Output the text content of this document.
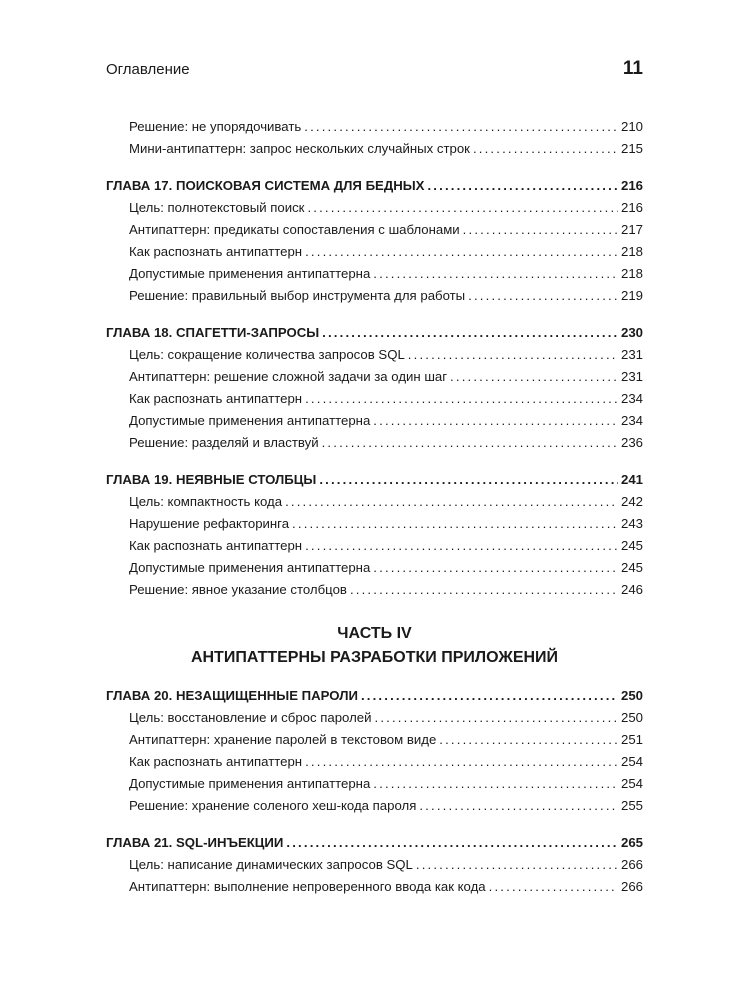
Оглавление	11
Решение: не упорядочивать . . .	210
Мини-антипаттерн: запрос нескольких случайных строк . . .	215
ГЛАВА 17. ПОИСКОВАЯ СИСТЕМА ДЛЯ БЕДНЫХ . . .	216
Цель: полнотекстовый поиск . . .	216
Антипаттерн: предикаты сопоставления с шаблонами . . .	217
Как распознать антипаттерн . . .	218
Допустимые применения антипаттерна . . .	218
Решение: правильный выбор инструмента для работы . . .	219
ГЛАВА 18. СПАГЕТТИ-ЗАПРОСЫ . . .	230
Цель: сокращение количества запросов SQL . . .	231
Антипаттерн: решение сложной задачи за один шаг . . .	231
Как распознать антипаттерн . . .	234
Допустимые применения антипаттерна . . .	234
Решение: разделяй и властвуй . . .	236
ГЛАВА 19. НЕЯВНЫЕ СТОЛБЦЫ . . .	241
Цель: компактность кода . . .	242
Нарушение рефакторинга . . .	243
Как распознать антипаттерн . . .	245
Допустимые применения антипаттерна . . .	245
Решение: явное указание столбцов . . .	246
ЧАСТЬ IV
АНТИПАТТЕРНЫ РАЗРАБОТКИ ПРИЛОЖЕНИЙ
ГЛАВА 20. НЕЗАЩИЩЕННЫЕ ПАРОЛИ . . .	250
Цель: восстановление и сброс паролей . . .	250
Антипаттерн: хранение паролей в текстовом виде . . .	251
Как распознать антипаттерн . . .	254
Допустимые применения антипаттерна . . .	254
Решение: хранение соленого хеш-кода пароля . . .	255
ГЛАВА 21. SQL-ИНЪЕКЦИИ . . .	265
Цель: написание динамических запросов SQL . . .	266
Антипаттерн: выполнение непроверенного ввода как кода . . .	266
